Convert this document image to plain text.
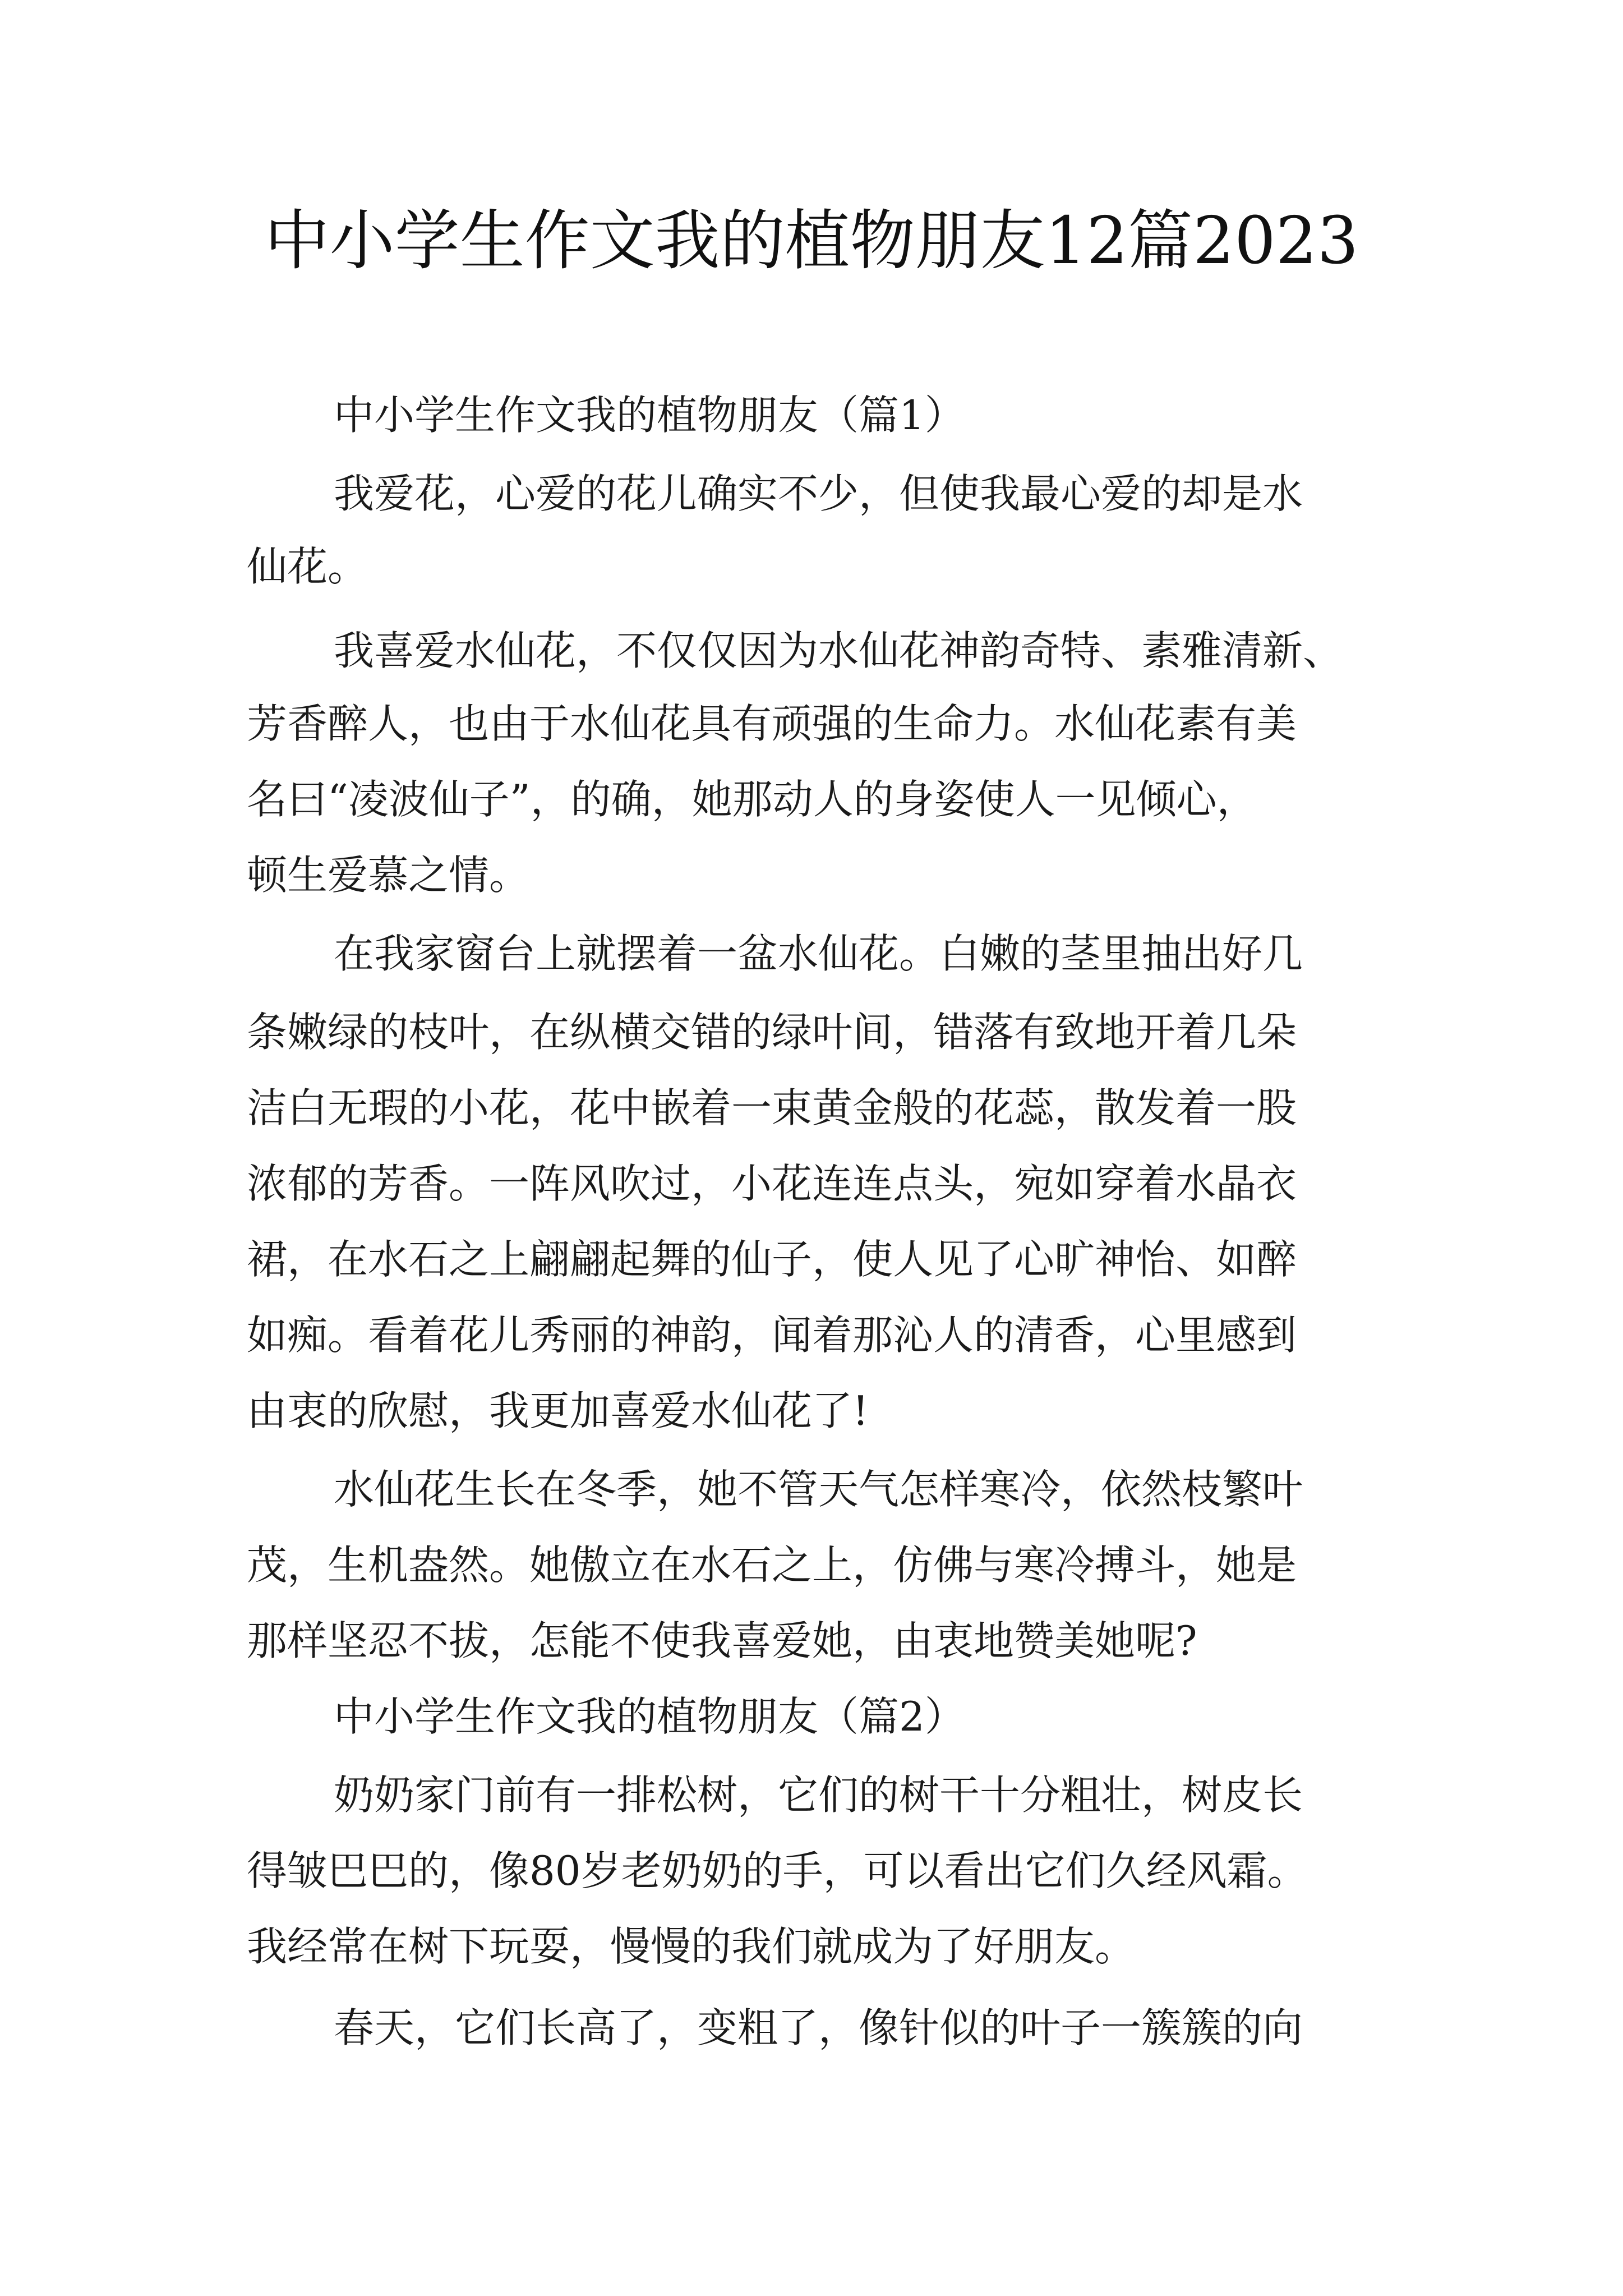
中小学生作文我的植物朋友12篇2023
中小学生作文我的植物朋友（篇1）
我爱花，心爱的花儿确实不少，但使我最心爱的却是水
仙花。
我喜爱水仙花，不仅仅因为水仙花神韵奇特、素雅清新、
芳香醉人，也由于水仙花具有顽强的生命力。水仙花素有美
名曰“凌波仙子”，的确，她那动人的身姿使人一见倾心，
顿生爱慕之情。
在我家窗台上就摆着一盆水仙花。白嫩的茎里抽出好几
条嫩绿的枝叶，在纵横交错的绿叶间，错落有致地开着几朵
洁白无瑕的小花，花中嵌着一束黄金般的花蕊，散发着一股
浓郁的芳香。一阵风吹过，小花连连点头，宛如穿着水晶衣
裙，在水石之上翩翩起舞的仙子，使人见了心旷神怡、如醉
如痴。看着花儿秀丽的神韵，闻着那沁人的清香，心里感到
由衷的欣慰，我更加喜爱水仙花了!
水仙花生长在冬季，她不管天气怎样寒冷，依然枝繁叶
茂，生机盎然。她傲立在水石之上，仿佛与寒冷搏斗，她是
那样坚忍不拔，怎能不使我喜爱她，由衷地赞美她呢?
中小学生作文我的植物朋友（篇2）
奶奶家门前有一排松树，它们的树干十分粗壮，树皮长
得皱巴巴的，像80岁老奶奶的手，可以看出它们久经风霜。
我经常在树下玩耍，慢慢的我们就成为了好朋友。
春天，它们长高了，变粗了，像针似的叶子一簇簇的向
